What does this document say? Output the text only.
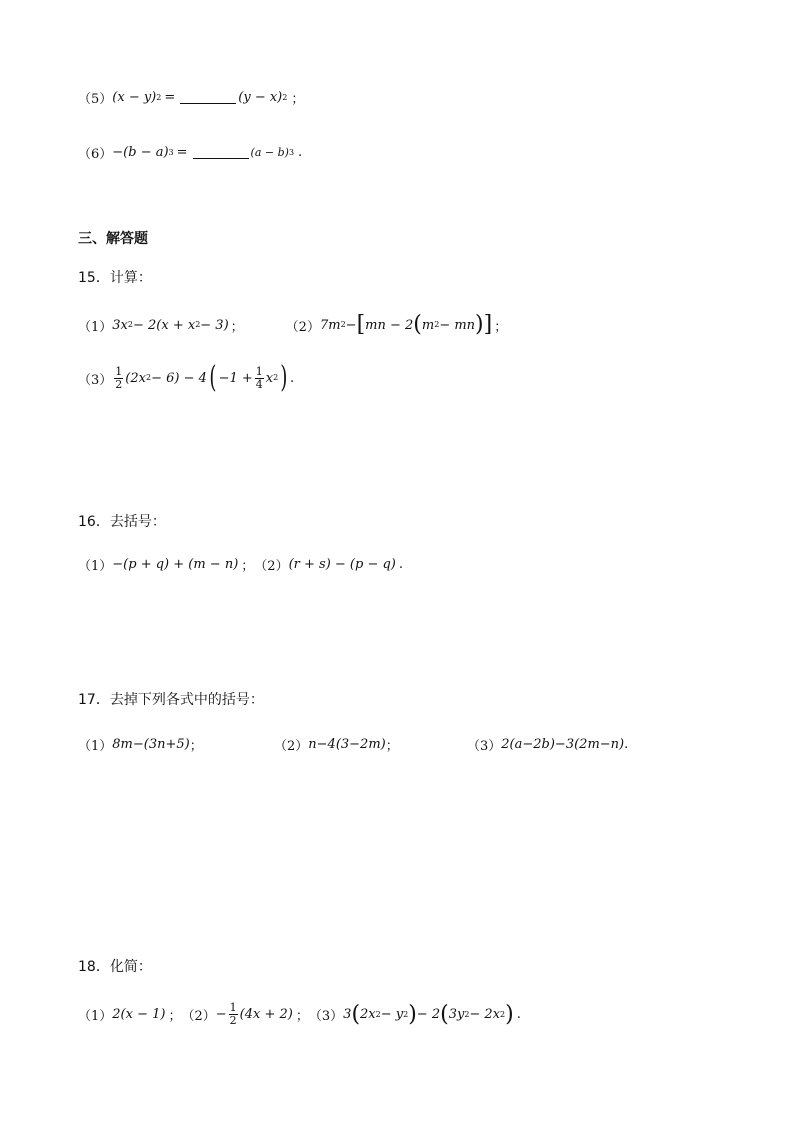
（5） (x − y) 2 =	(y − x) 2 ；
（6） −(b − a) 3 =	(a − b) 3 .
三、解答题
15．计算：
（1） 3x 2 − 2(x + x 2 − 3) ；	（2） 7m 2 − [ mn − 2 ( m 2 − mn )] ；
$(3) \frac{1}{2} (2x$ 2 − 6) − 4 ( $-1 + \frac{1}{4}$ x 2 ) .
16．去括号：
（1） −(p + q) + (m − n) ； （2） (r + s) − (p − q) .
17．去掉下列各式中的括号：
（1） 8m−(3n+5) ；	（2） n−4(3−2m) ；	（3） 2(a−2b)−3(2m−n) .
18．化简：
（1） 2(x − 1) ； $(2) - \frac{1}{2} (4x + 2)$ ； （3） 3 ( 2x 2 − y 2 ) − 2 ( 3y 2 − 2x 2 ) .
